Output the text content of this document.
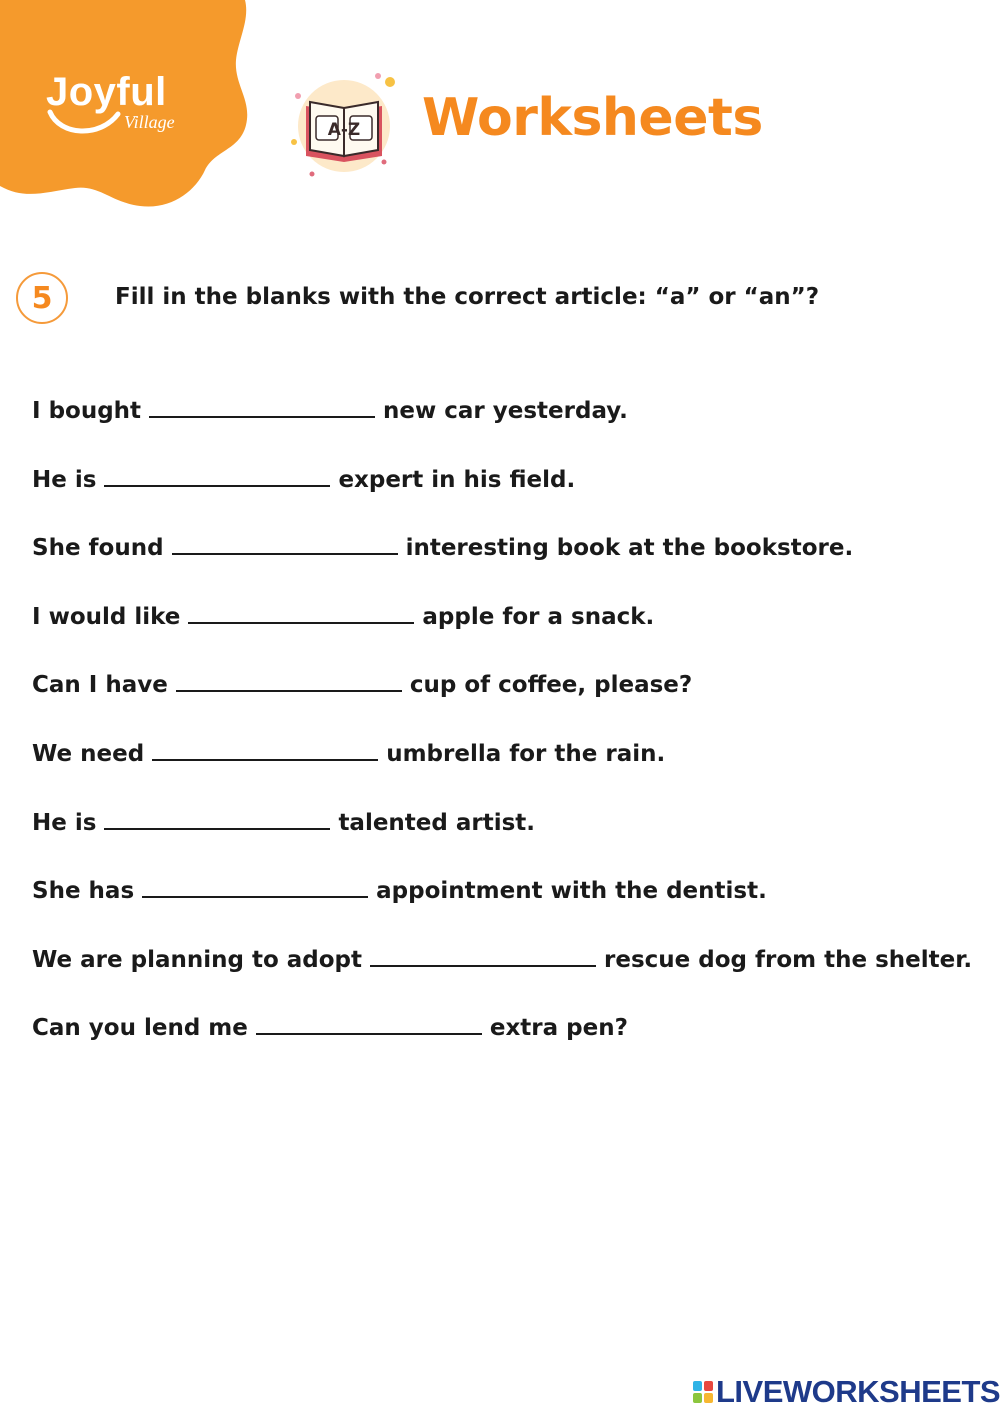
Joyful
Village	A-Z Worksheets
5	Fill in the blanks with the correct article: “a” or “an”?
I bought	new car yesterday.
He is	expert in his field.
She found	interesting book at the bookstore.
I would like	apple for a snack.
Can I have	cup of coffee, please?
We need	umbrella for the rain.
He is	talented artist.
She has	appointment with the dentist.
We are planning to adopt	rescue dog from the shelter.
Can you lend me	extra pen?
LIVEWORKSHEETS
